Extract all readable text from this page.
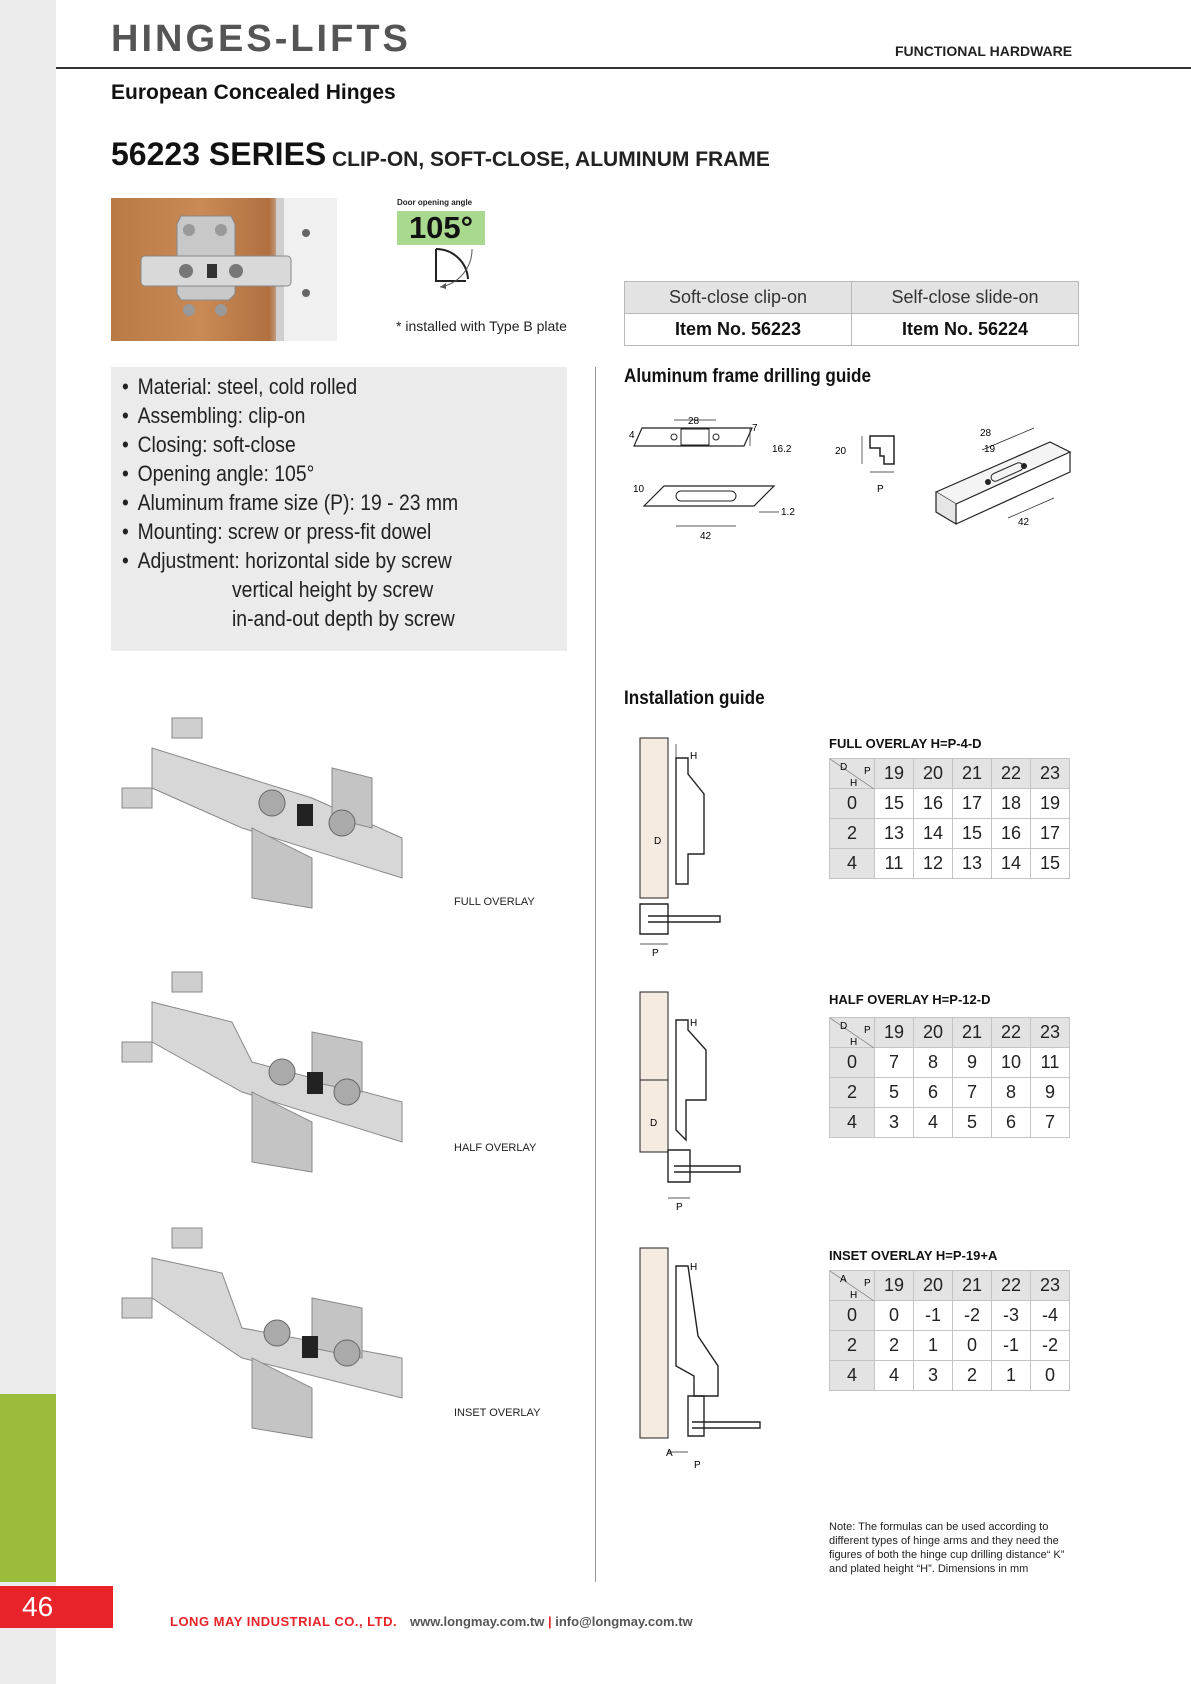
46
HINGES-LIFTS	FUNCTIONAL HARDWARE
European Concealed Hinges
56223 SERIES CLIP-ON, SOFT-CLOSE, ALUMINUM FRAME
Door opening angle
105°
* installed with Type B plate
Soft-close clip-on	Self-close slide-on
Item No. 56223	Item No. 56224
• Material: steel, cold rolled
• Assembling: clip-on
• Closing: soft-close
• Opening angle: 105°
• Aluminum frame size (P): 19 - 23 mm
• Mounting: screw or press-fit dowel
• Adjustment: horizontal side by screw
vertical height by screw
in-and-out depth by screw
Aluminum frame drilling guide
4
28
7
16.2
10
1.2
42
20
P
28
19
42
Installation guide
FULL OVERLAY
HALF OVERLAY
INSET OVERLAY
H
D
P
H
D
P
H
A
P
FULL OVERLAY H=P-4-D
D P
H	19	20	21	22	23
0	15	16	17	18	19
2	13	14	15	16	17
4	11	12	13	14	15
HALF OVERLAY H=P-12-D
D P
H	19	20	21	22	23
0	7	8	9	10	11
2	5	6	7	8	9
4	3	4	5	6	7
INSET OVERLAY H=P-19+A
A P
H	19	20	21	22	23
0	0	-1	-2	-3	-4
2	2	1	0	-1	-2
4	4	3	2	1	0
Note: The formulas can be used according to different types of hinge arms and they need the figures of both the hinge cup drilling distance“ K” and plated height “H”. Dimensions in mm
LONG MAY INDUSTRIAL CO., LTD. www.longmay.com.tw | info@longmay.com.tw
